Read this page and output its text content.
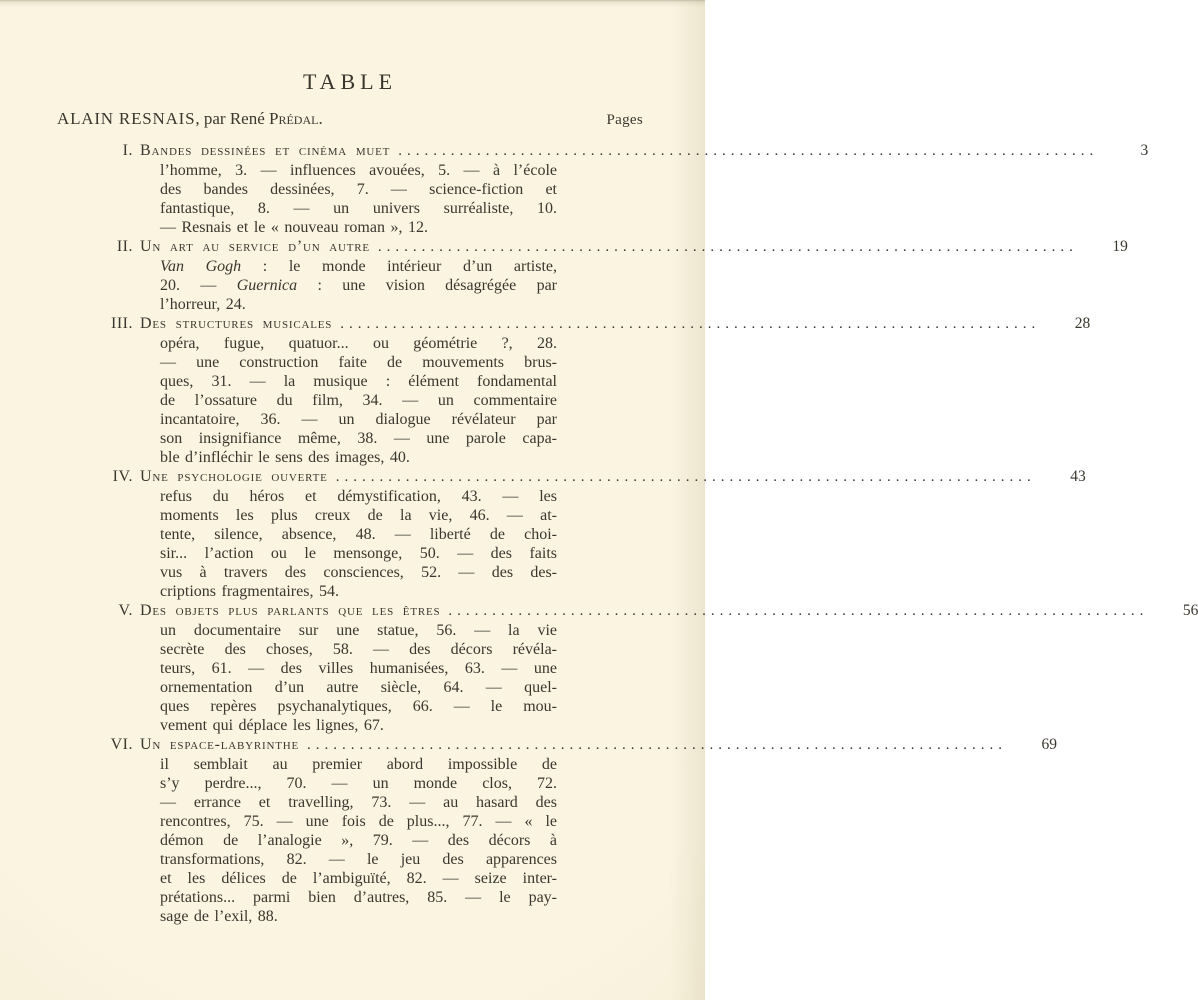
TABLE
ALAIN RESNAIS, par René Prédal.	Pages
I. Bandes dessinées et cinéma muet ................................................................................	3
l’homme, 3. — influences avouées, 5. — à l’école
des bandes dessinées, 7. — science-fiction et
fantastique, 8. — un univers surréaliste, 10.
— Resnais et le « nouveau roman », 12.
II. Un art au service d’un autre ................................................................................	19
Van Gogh : le monde intérieur d’un artiste,
20. — Guernica : une vision désagrégée par
l’horreur, 24.
III. Des structures musicales ................................................................................	28
opéra, fugue, quatuor... ou géométrie ?, 28.
— une construction faite de mouvements brus-
ques, 31. — la musique : élément fondamental
de l’ossature du film, 34. — un commentaire
incantatoire, 36. — un dialogue révélateur par
son insignifiance même, 38. — une parole capa-
ble d’infléchir le sens des images, 40.
IV. Une psychologie ouverte ................................................................................	43
refus du héros et démystification, 43. — les
moments les plus creux de la vie, 46. — at-
tente, silence, absence, 48. — liberté de choi-
sir... l’action ou le mensonge, 50. — des faits
vus à travers des consciences, 52. — des des-
criptions fragmentaires, 54.
V. Des objets plus parlants que les êtres ................................................................................	56
un documentaire sur une statue, 56. — la vie
secrète des choses, 58. — des décors révéla-
teurs, 61. — des villes humanisées, 63. — une
ornementation d’un autre siècle, 64. — quel-
ques repères psychanalytiques, 66. — le mou-
vement qui déplace les lignes, 67.
VI. Un espace-labyrinthe ................................................................................	69
il semblait au premier abord impossible de
s’y perdre..., 70. — un monde clos, 72.
— errance et travelling, 73. — au hasard des
rencontres, 75. — une fois de plus..., 77. — « le
démon de l’analogie », 79. — des décors à
transformations, 82. — le jeu des apparences
et les délices de l’ambiguïté, 82. — seize inter-
prétations... parmi bien d’autres, 85. — le pay-
sage de l’exil, 88.
